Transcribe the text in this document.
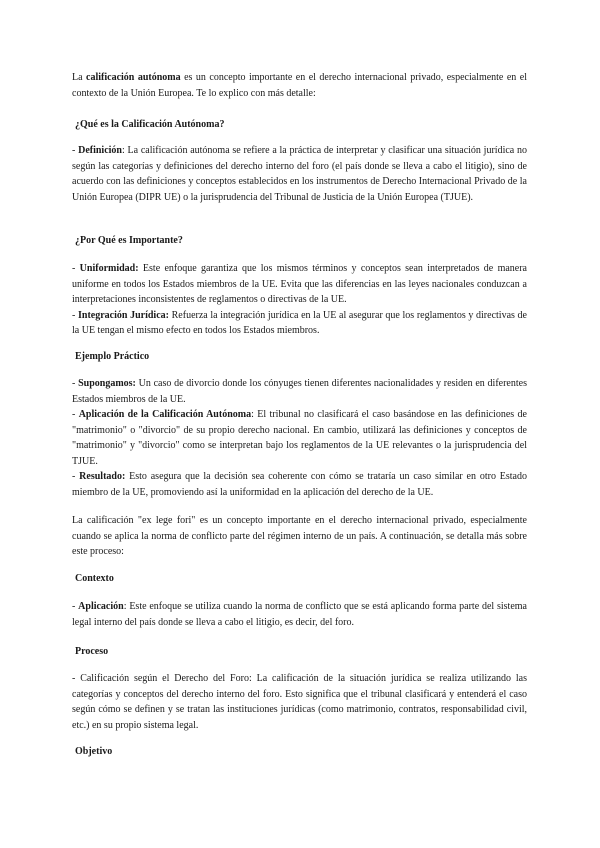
La calificación autónoma es un concepto importante en el derecho internacional privado, especialmente en el contexto de la Unión Europea. Te lo explico con más detalle:

¿Qué es la Calificación Autónoma?

- Definición: La calificación autónoma se refiere a la práctica de interpretar y clasificar una situación jurídica no según las categorías y definiciones del derecho interno del foro (el país donde se lleva a cabo el litigio), sino de acuerdo con las definiciones y conceptos establecidos en los instrumentos de Derecho Internacional Privado de la Unión Europea (DIPR UE) o la jurisprudencia del Tribunal de Justicia de la Unión Europea (TJUE).

¿Por Qué es Importante?

- Uniformidad: Este enfoque garantiza que los mismos términos y conceptos sean interpretados de manera uniforme en todos los Estados miembros de la UE. Evita que las diferencias en las leyes nacionales conduzcan a interpretaciones inconsistentes de reglamentos o directivas de la UE.
- Integración Jurídica: Refuerza la integración jurídica en la UE al asegurar que los reglamentos y directivas de la UE tengan el mismo efecto en todos los Estados miembros.

Ejemplo Práctico

- Supongamos: Un caso de divorcio donde los cónyuges tienen diferentes nacionalidades y residen en diferentes Estados miembros de la UE.
- Aplicación de la Calificación Autónoma: El tribunal no clasificará el caso basándose en las definiciones de "matrimonio" o "divorcio" de su propio derecho nacional. En cambio, utilizará las definiciones y conceptos de "matrimonio" y "divorcio" como se interpretan bajo los reglamentos de la UE relevantes o la jurisprudencia del TJUE.
- Resultado: Esto asegura que la decisión sea coherente con cómo se trataría un caso similar en otro Estado miembro de la UE, promoviendo así la uniformidad en la aplicación del derecho de la UE.

La calificación "ex lege fori" es un concepto importante en el derecho internacional privado, especialmente cuando se aplica la norma de conflicto parte del régimen interno de un país. A continuación, se detalla más sobre este proceso:

Contexto

- Aplicación: Este enfoque se utiliza cuando la norma de conflicto que se está aplicando forma parte del sistema legal interno del país donde se lleva a cabo el litigio, es decir, del foro.

Proceso

- Calificación según el Derecho del Foro: La calificación de la situación jurídica se realiza utilizando las categorías y conceptos del derecho interno del foro. Esto significa que el tribunal clasificará y entenderá el caso según cómo se definen y se tratan las instituciones jurídicas (como matrimonio, contratos, responsabilidad civil, etc.) en su propio sistema legal.

Objetivo
